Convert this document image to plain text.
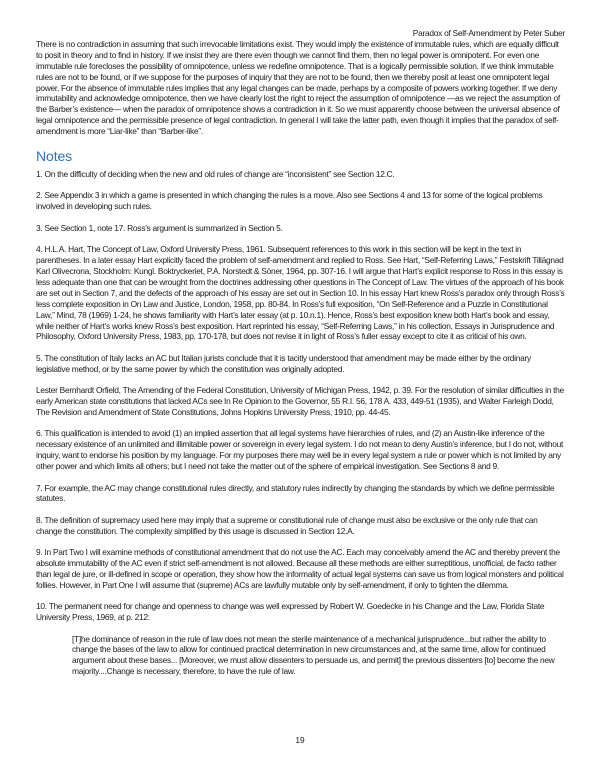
Paradox of Self-Amendment by Peter Suber
There is no contradiction in assuming that such irrevocable limitations exist. They would imply the existence of immutable rules, which are equally difficult to posit in theory and to find in history. If we insist they are there even though we cannot find them, then no legal power is omnipotent. For even one immutable rule forecloses the possibility of omnipotence, unless we redefine omnipotence. That is a logically permissible solution. If we think immutable rules are not to be found, or if we suppose for the purposes of inquiry that they are not to be found, then we thereby posit at least one omnipotent legal power. For the absence of immutable rules implies that any legal changes can be made, perhaps by a composite of powers working together. If we deny immutability and acknowledge omnipotence, then we have clearly lost the right to reject the assumption of omnipotence —as we reject the assumption of the Barber’s existence— when the paradox of omnipotence shows a contradiction in it. So we must apparently choose between the universal absence of legal omnipotence and the permissible presence of legal contradiction. In general I will take the latter path, even though it implies that the paradox of self-amendment is more “Liar-like” than “Barber-like”.
Notes

1. On the difficulty of deciding when the new and old rules of change are “inconsistent” see Section 12.C.

2. See Appendix 3 in which a game is presented in which changing the rules is a move. Also see Sections 4 and 13 for some of the logical problems involved in developing such rules.

3. See Section 1, note 17. Ross’s argument is summarized in Section 5.

4. H.L.A. Hart, The Concept of Law, Oxford University Press, 1961. Subsequent references to this work in this section will be kept in the text in parentheses. In a later essay Hart explicitly faced the problem of self-amendment and replied to Ross. See Hart, “Self-Referring Laws,” Festskrift Tillägnad Karl Olivecrona, Stockholm: Kungl. Boktryckeriet, P.A. Norstedt & Söner, 1964, pp. 307-16. I will argue that Hart’s explicit response to Ross in this essay is less adequate than one that can be wrought from the doctrines addressing other questions in The Concept of Law. The virtues of the approach of his book are set out in Section 7, and the defects of the approach of his essay are set out in Section 10. In his essay Hart knew Ross’s paradox only through Ross’s less complete exposition in On Law and Justice, London, 1958, pp. 80-84. In Ross’s full exposition, “On Self-Reference and a Puzzle in Constitutional Law,” Mind, 78 (1969) 1-24, he shows familiarity with Hart’s later essay (at p. 10.n.1). Hence, Ross’s best exposition knew both Hart’s book and essay, while neither of Hart’s works knew Ross’s best exposition. Hart reprinted his essay, “Self-Referring Laws,” in his collection, Essays in Jurisprudence and Philosophy, Oxford University Press, 1983, pp. 170-178, but does not revise it in light of Ross’s fuller essay except to cite it as critical of his own.

5. The constitution of Italy lacks an AC but Italian jurists conclude that it is tacitly understood that amendment may be made either by the ordinary legislative method, or by the same power by which the constitution was originally adopted.

Lester Bernhardt Orfield, The Amending of the Federal Constitution, University of Michigan Press, 1942, p. 39. For the resolution of similar difficulties in the early American state constitutions that lacked ACs see In Re Opinion to the Governor, 55 R.I. 56, 178 A. 433, 449-51 (1935), and Walter Farleigh Dodd, The Revision and Amendment of State Constitutions, Johns Hopkins University Press, 1910, pp. 44-45.

6. This qualification is intended to avoid (1) an implied assertion that all legal systems have hierarchies of rules, and (2) an Austin-like inference of the necessary existence of an unlimited and illimitable power or sovereign in every legal system. I do not mean to deny Austin’s inference, but I do not, without inquiry, want to endorse his position by my language. For my purposes there may well be in every legal system a rule or power which is not limited by any other power and which limits all others; but I need not take the matter out of the sphere of empirical investigation. See Sections 8 and 9.

7. For example, the AC may change constitutional rules directly, and statutory rules indirectly by changing the standards by which we define permissible statutes.

8. The definition of supremacy used here may imply that a supreme or constitutional rule of change must also be exclusive or the only rule that can change the constitution. The complexity simplified by this usage is discussed in Section 12.A.

9. In Part Two I will examine methods of constitutional amendment that do not use the AC. Each may conceivably amend the AC and thereby prevent the absolute immutability of the AC even if strict self-amendment is not allowed. Because all these methods are either surreptitious, unofficial, de facto rather than legal de jure, or ill-defined in scope or operation, they show how the informality of actual legal systems can save us from logical monsters and political follies. However, in Part One I will assume that (supreme) ACs are lawfully mutable only by self-amendment, if only to tighten the dilemma.

10. The permanent need for change and openness to change was well expressed by Robert W. Goedecke in his Change and the Law, Florida State University Press, 1969, at p. 212:

[T]he dominance of reason in the rule of law does not mean the sterile maintenance of a mechanical jurisprudence...but rather the ability to change the bases of the law to allow for continued practical determination in new circumstances and, at the same time, allow for continued argument about these bases... [Moreover, we must allow dissenters to persuade us, and permit] the previous dissenters [to] become the new majority....Change is necessary, therefore, to have the rule of law.

19
